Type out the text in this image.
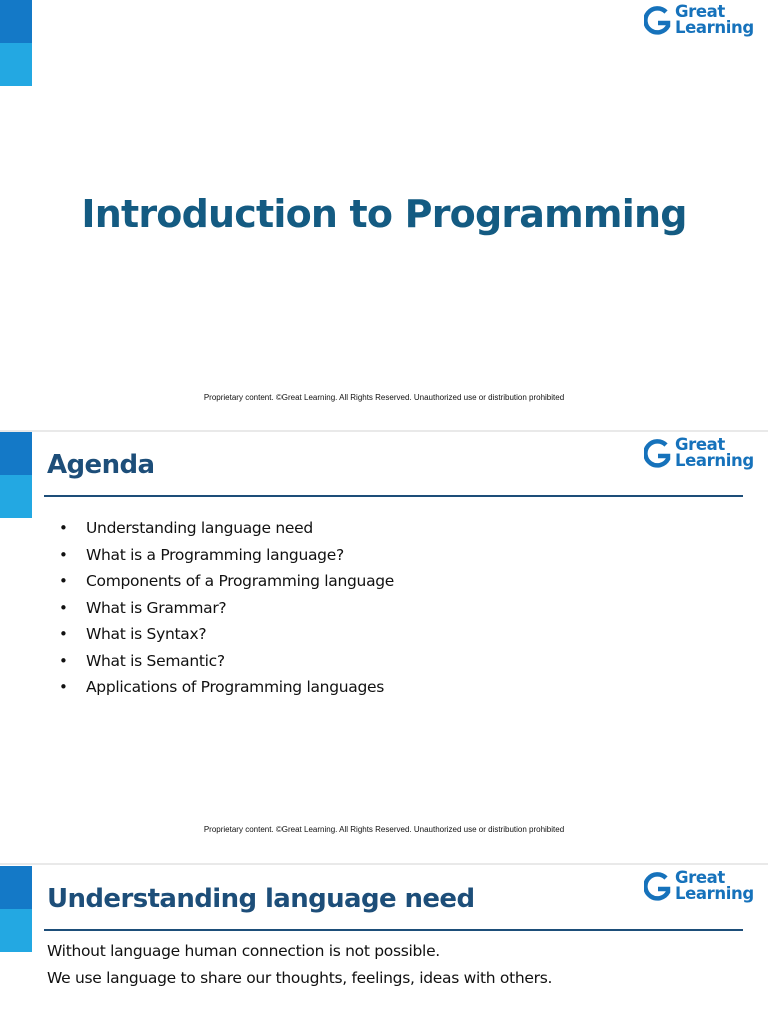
Great
Learning
Introduction to Programming
Proprietary content. ©Great Learning. All Rights Reserved. Unauthorized use or distribution prohibited
Great
Learning
Agenda
• Understanding language need
• What is a Programming language?
• Components of a Programming language
• What is Grammar?
• What is Syntax?
• What is Semantic?
• Applications of Programming languages
Proprietary content. ©Great Learning. All Rights Reserved. Unauthorized use or distribution prohibited
Great
Learning
Understanding language need
Without language human connection is not possible.
We use language to share our thoughts, feelings, ideas with others.
